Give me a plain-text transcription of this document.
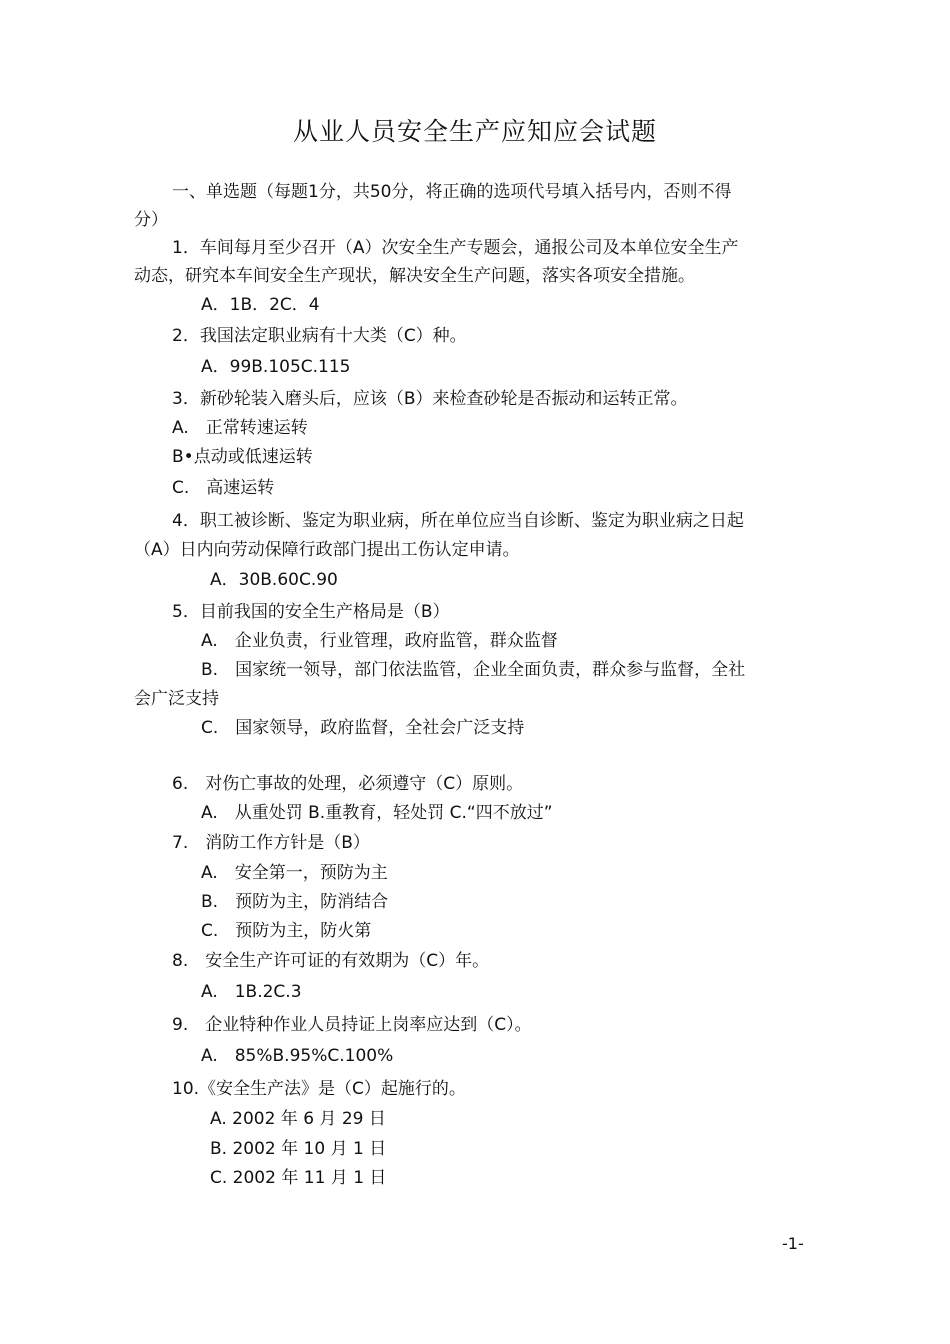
从业人员安全生产应知应会试题
一、单选题（每题1分，共50分，将正确的选项代号填入括号内，否则不得
分）
1．车间每月至少召开（A）次安全生产专题会，通报公司及本单位安全生产
动态，研究本车间安全生产现状，解决安全生产问题，落实各项安全措施。
A．1B．2C．4
2．我国法定职业病有十大类（C）种。
A．99B.105C.115
3．新砂轮装入磨头后，应该（B）来检查砂轮是否振动和运转正常。
A.　正常转速运转
B•点动或低速运转
C.　高速运转
4．职工被诊断、鉴定为职业病，所在单位应当自诊断、鉴定为职业病之日起
（A）日内向劳动保障行政部门提出工伤认定申请。
A．30B.60C.90
5．目前我国的安全生产格局是（B）
A.　企业负责，行业管理，政府监管，群众监督
B.　国家统一领导，部门依法监管，企业全面负责，群众参与监督，全社
会广泛支持
C.　国家领导，政府监督，全社会广泛支持
6.　对伤亡事故的处理，必须遵守（C）原则。
A.　从重处罚 B.重教育，轻处罚 C.“四不放过”
7.　消防工作方针是（B）
A.　安全第一，预防为主
B.　预防为主，防消结合
C.　预防为主，防火第
8.　安全生产许可证的有效期为（C）年。
A.　1B.2C.3
9.　企业特种作业人员持证上岗率应达到（C）。
A.　85%B.95%C.100%
10.《安全生产法》是（C）起施行的。
A. 2002 年 6 月 29 日
B. 2002 年 10 月 1 日
C. 2002 年 11 月 1 日
-1-
